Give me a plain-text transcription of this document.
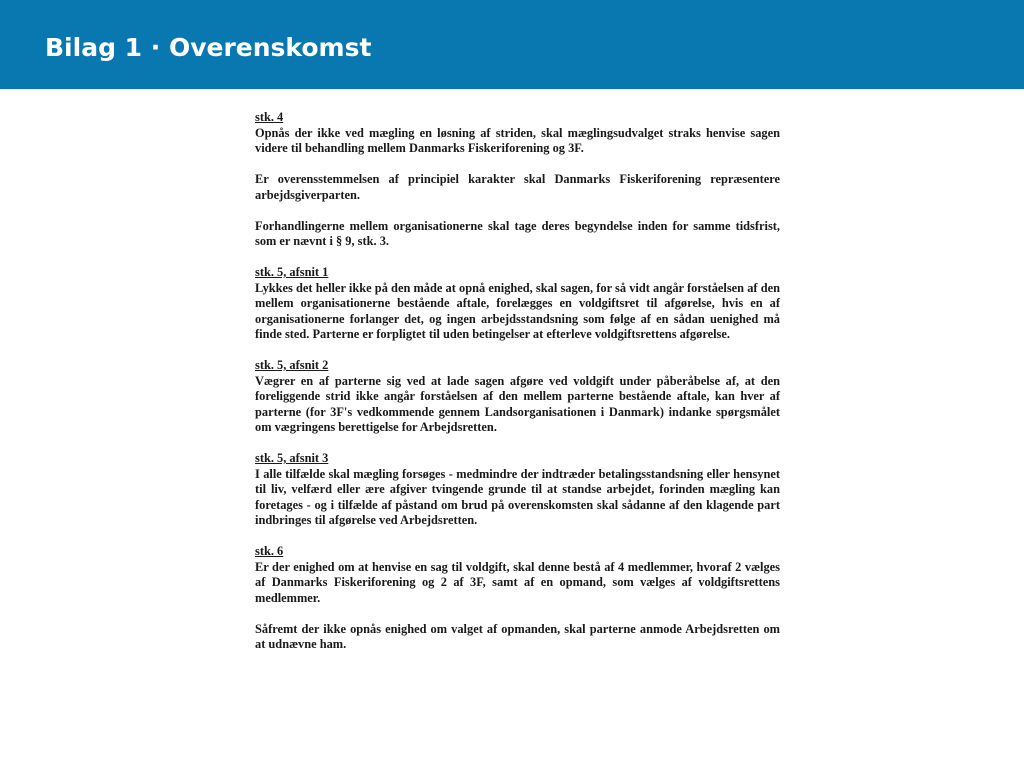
Bilag 1 · Overenskomst
stk. 4

Opnås der ikke ved mægling en løsning af striden, skal mæglingsudvalget straks henvise sagen videre til behandling mellem Danmarks Fiskeriforening og 3F.

Er overensstemmelsen af principiel karakter skal Danmarks Fiskeriforening repræsentere arbejdsgiverparten.

Forhandlingerne mellem organisationerne skal tage deres begyndelse inden for samme tidsfrist, som er nævnt i § 9, stk. 3.

stk. 5, afsnit 1

Lykkes det heller ikke på den måde at opnå enighed, skal sagen, for så vidt angår forståelsen af den mellem organisationerne bestående aftale, forelægges en voldgiftsret til afgørelse, hvis en af organisationerne forlanger det, og ingen arbejdsstandsning som følge af en sådan uenighed må finde sted. Parterne er forpligtet til uden betingelser at efterleve voldgiftsrettens afgørelse.

stk. 5, afsnit 2

Vægrer en af parterne sig ved at lade sagen afgøre ved voldgift under påberåbelse af, at den foreliggende strid ikke angår forståelsen af den mellem parterne bestående aftale, kan hver af parterne (for 3F's vedkommende gennem Landsorganisationen i Danmark) indanke spørgsmålet om vægringens berettigelse for Arbejdsretten.

stk. 5, afsnit 3

I alle tilfælde skal mægling forsøges - medmindre der indtræder betalingsstandsning eller hensynet til liv, velfærd eller ære afgiver tvingende grunde til at standse arbejdet, forinden mægling kan foretages - og i tilfælde af påstand om brud på overenskomsten skal sådanne af den klagende part indbringes til afgørelse ved Arbejdsretten.

stk. 6

Er der enighed om at henvise en sag til voldgift, skal denne bestå af 4 medlemmer, hvoraf 2 vælges af Danmarks Fiskeriforening og 2 af 3F, samt af en opmand, som vælges af voldgiftsrettens medlemmer.

Såfremt der ikke opnås enighed om valget af opmanden, skal parterne anmode Arbejdsretten om at udnævne ham.
